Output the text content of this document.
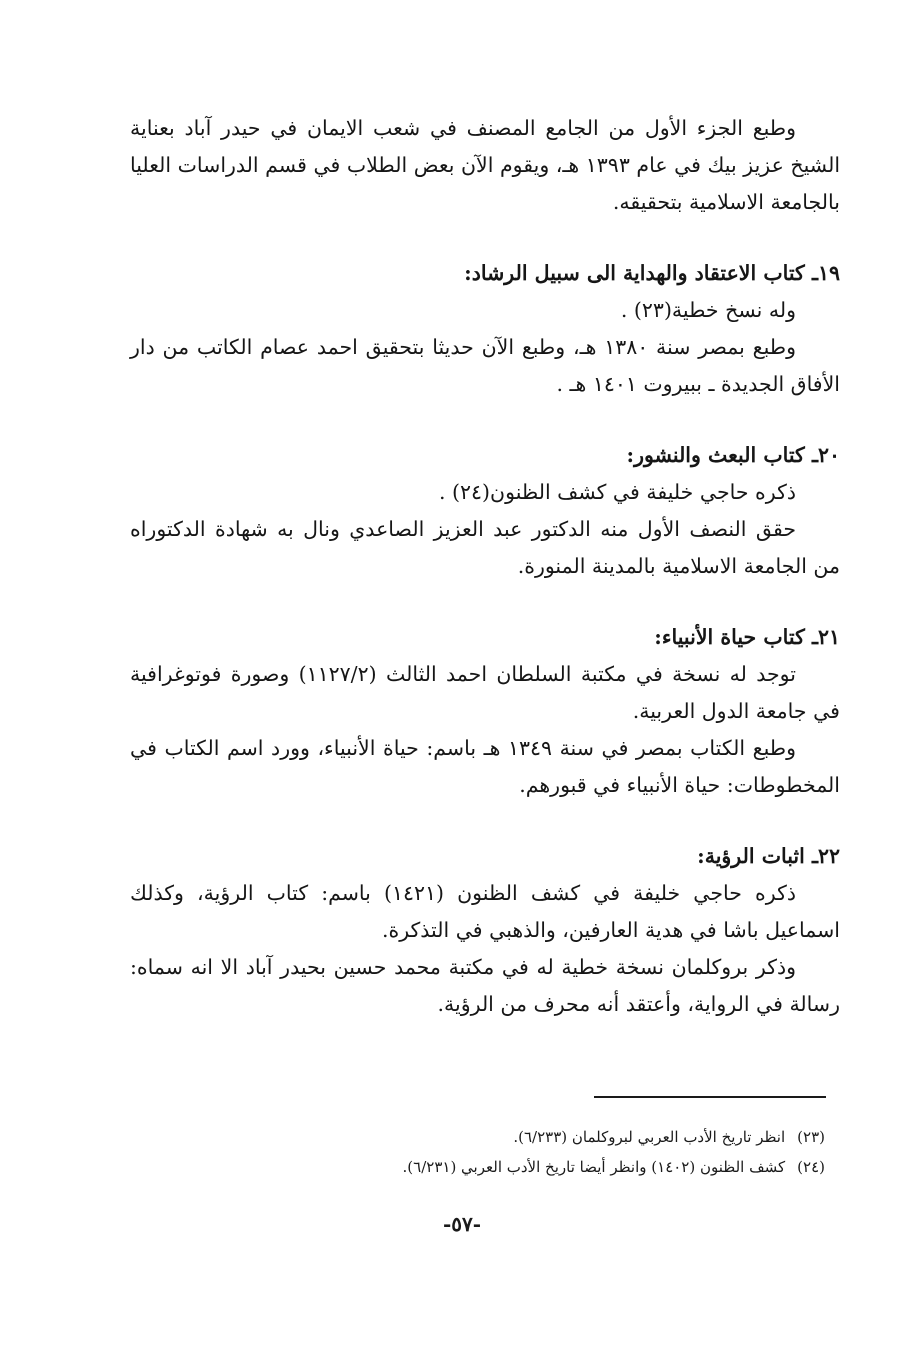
وطبع الجزء الأول من الجامع المصنف في شعب الايمان في حيدر آباد بعناية الشيخ عزيز بيك في عام ١٣٩٣ هـ، ويقوم الآن بعض الطلاب في قسم الدراسات العليا بالجامعة الاسلامية بتحقيقه.

١٩ـ كتاب الاعتقاد والهداية الى سبيل الرشاد:

وله نسخ خطية(٢٣) .

وطبع بمصر سنة ١٣٨٠ هـ، وطبع الآن حديثا بتحقيق احمد عصام الكاتب من دار الأفاق الجديدة ـ ببيروت ١٤٠١ هـ .

٢٠ـ كتاب البعث والنشور:

ذكره حاجي خليفة في كشف الظنون(٢٤) .

حقق النصف الأول منه الدكتور عبد العزيز الصاعدي ونال به شهادة الدكتوراه من الجامعة الاسلامية بالمدينة المنورة.

٢١ـ كتاب حياة الأنبياء:

توجد له نسخة في مكتبة السلطان احمد الثالث (١١٢٧/٢) وصورة فوتوغرافية في جامعة الدول العربية.

وطبع الكتاب بمصر في سنة ١٣٤٩ هـ باسم: حياة الأنبياء، وورد اسم الكتاب في المخطوطات: حياة الأنبياء في قبورهم.

٢٢ـ اثبات الرؤية:

ذكره حاجي خليفة في كشف الظنون (١٤٢١) باسم: كتاب الرؤية، وكذلك اسماعيل باشا في هدية العارفين، والذهبي في التذكرة.

وذكر بروكلمان نسخة خطية له في مكتبة محمد حسين بحيدر آباد الا انه سماه: رسالة في الرواية، وأعتقد أنه محرف من الرؤية.

(٢٣)انظر تاريخ الأدب العربي لبروكلمان (٦/٢٣٣).
(٢٤)كشف الظنون (١٤٠٢) وانظر أيضا تاريخ الأدب العربي (٦/٢٣١).
-٥٧-
